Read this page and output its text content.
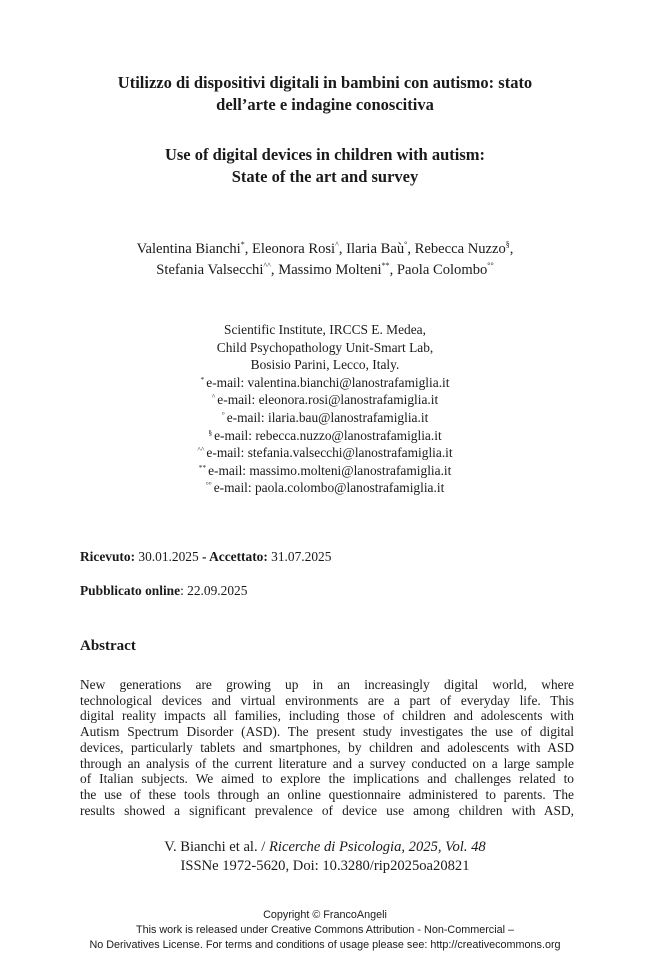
Utilizzo di dispositivi digitali in bambini con autismo: stato
dell’arte e indagine conoscitiva
Use of digital devices in children with autism:
State of the art and survey
Valentina Bianchi*, Eleonora Rosi^, Ilaria Baù°, Rebecca Nuzzo§,
Stefania Valsecchi^^, Massimo Molteni**, Paola Colombo°°
Scientific Institute, IRCCS E. Medea,
Child Psychopathology Unit-Smart Lab,
Bosisio Parini, Lecco, Italy.
* e-mail: valentina.bianchi@lanostrafamiglia.it
^ e-mail: eleonora.rosi@lanostrafamiglia.it
° e-mail: ilaria.bau@lanostrafamiglia.it
§ e-mail: rebecca.nuzzo@lanostrafamiglia.it
^^ e-mail: stefania.valsecchi@lanostrafamiglia.it
** e-mail: massimo.molteni@lanostrafamiglia.it
°° e-mail: paola.colombo@lanostrafamiglia.it
Ricevuto: 30.01.2025 - Accettato: 31.07.2025
Pubblicato online: 22.09.2025
Abstract
New generations are growing up in an increasingly digital world, where
technological devices and virtual environments are a part of everyday life. This
digital reality impacts all families, including those of children and adolescents with
Autism Spectrum Disorder (ASD). The present study investigates the use of digital
devices, particularly tablets and smartphones, by children and adolescents with ASD
through an analysis of the current literature and a survey conducted on a large sample
of Italian subjects. We aimed to explore the implications and challenges related to
the use of these tools through an online questionnaire administered to parents. The
results showed a significant prevalence of device use among children with ASD,
V. Bianchi et al. / Ricerche di Psicologia, 2025, Vol. 48
ISSNe 1972-5620, Doi: 10.3280/rip2025oa20821
Copyright © FrancoAngeli
This work is released under Creative Commons Attribution - Non-Commercial –
No Derivatives License. For terms and conditions of usage please see: http://creativecommons.org
